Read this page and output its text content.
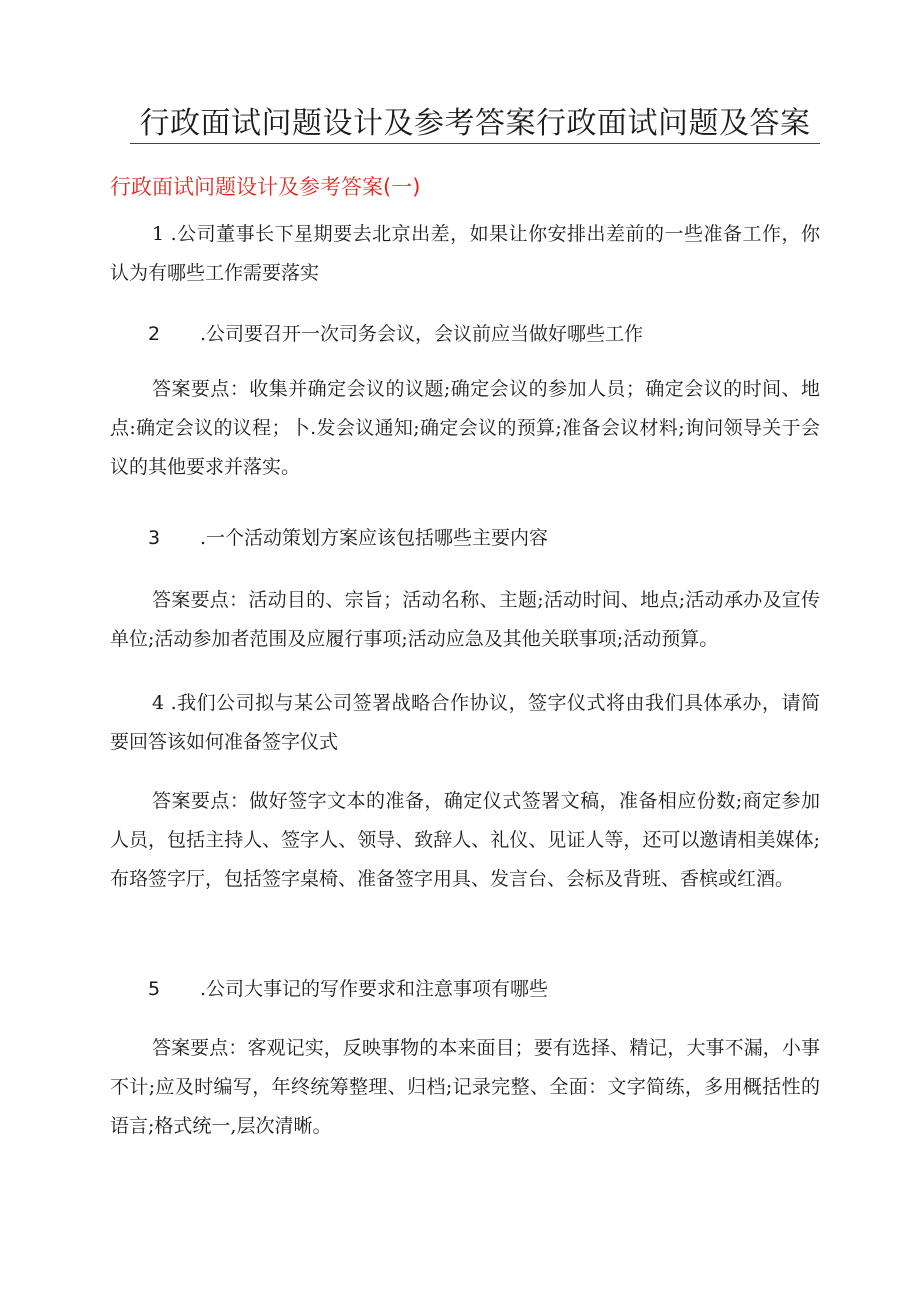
行政面试问题设计及参考答案行政面试问题及答案
行政面试问题设计及参考答案(一)
1 .公司董事长下星期要去北京出差，如果让你安排出差前的一些准备工作，你认为有哪些工作需要落实
2 .公司要召开一次司务会议，会议前应当做好哪些工作
答案要点：收集并确定会议的议题;确定会议的参加人员；确定会议的时间、地点:确定会议的议程；卜.发会议通知;确定会议的预算;准备会议材料;询问领导关于会议的其他要求并落实。
3 .一个活动策划方案应该包括哪些主要内容
答案要点：活动目的、宗旨；活动名称、主题;活动时间、地点;活动承办及宣传单位;活动参加者范围及应履行事项;活动应急及其他关联事项;活动预算。
4 .我们公司拟与某公司签署战略合作协议，签字仪式将由我们具体承办，请简要回答该如何准备签字仪式
答案要点：做好签字文本的准备，确定仪式签署文稿，准备相应份数;商定参加人员，包括主持人、签字人、领导、致辞人、礼仪、见证人等，还可以邀请相美媒体;布珞签字厅，包括签字桌椅、准备签字用具、发言台、会标及背班、香槟或红酒。
5 .公司大事记的写作要求和注意事项有哪些
答案要点：客观记实，反映事物的本来面目；要有选择、精记，大事不漏，小事不计;应及时编写，年终统筹整理、归档;记录完整、全面：文字简练，多用概括性的语言;格式统一,层次清晰。
